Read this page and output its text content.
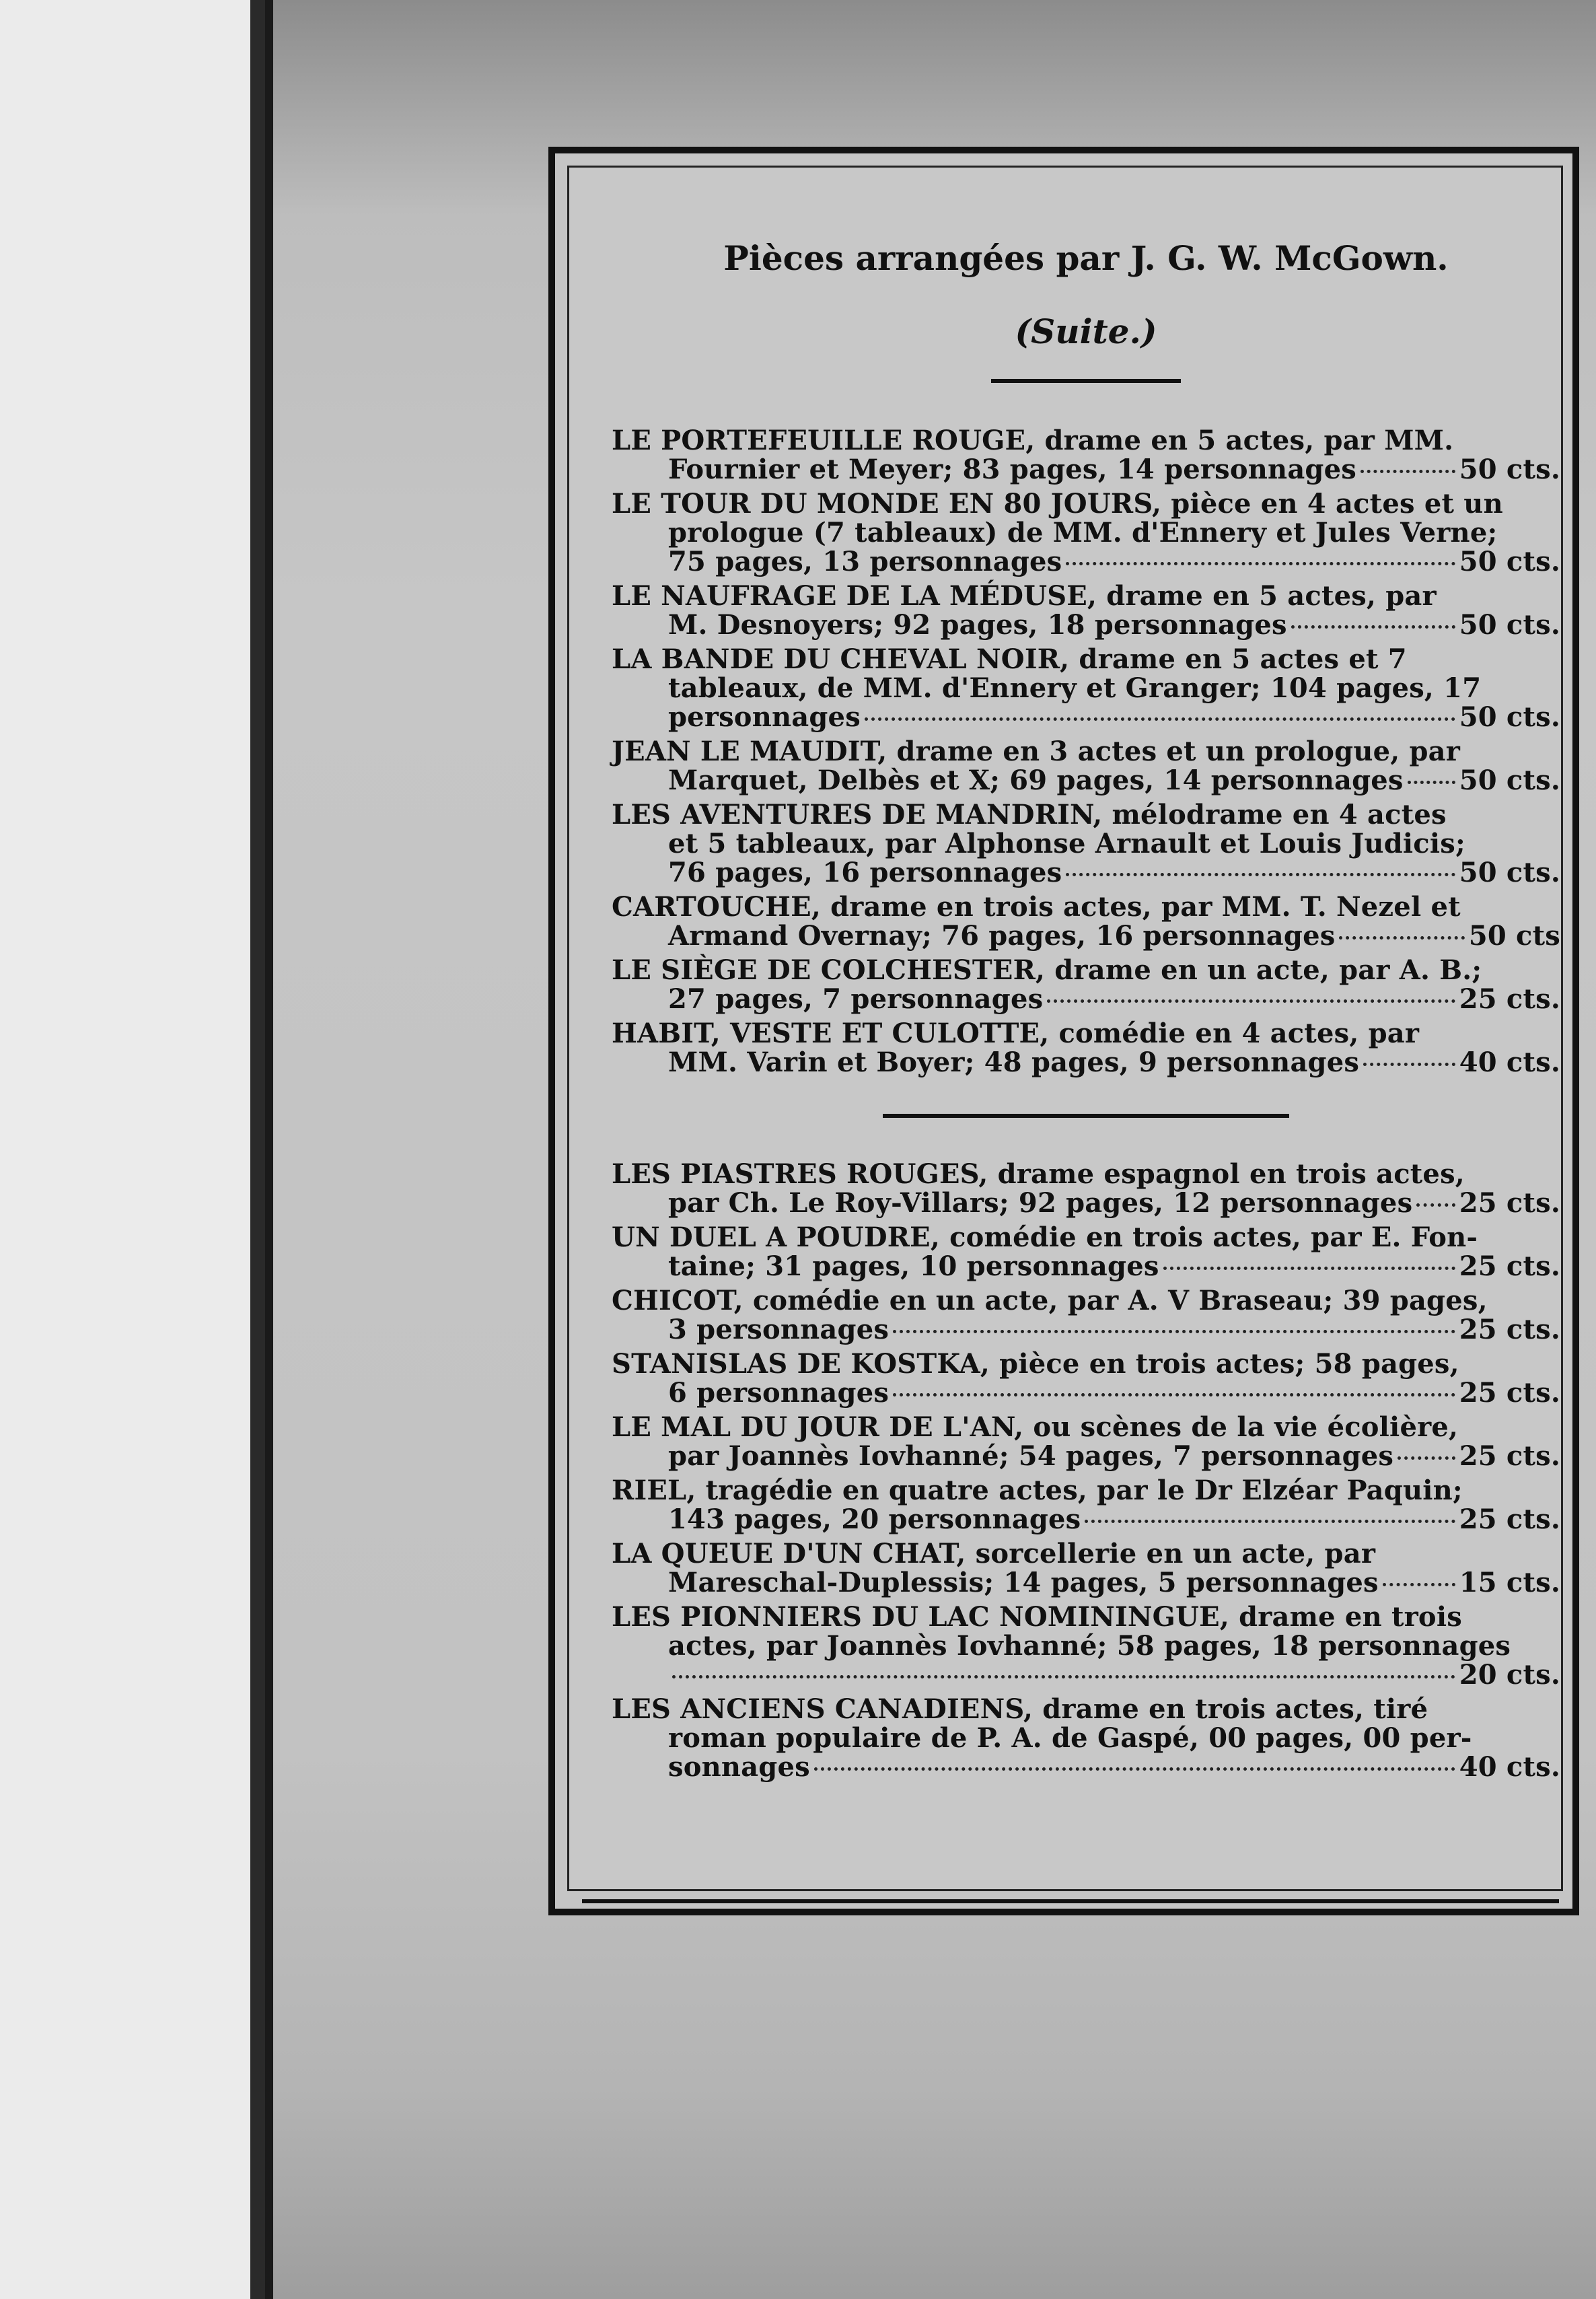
Pièces arrangées par J. G. W. McGown.
(Suite.)
LE PORTEFEUILLE ROUGE, drame en 5 actes, par MM.
Fournier et Meyer; 83 pages, 14 personnages	50 cts.
LE TOUR DU MONDE EN 80 JOURS, pièce en 4 actes et un
prologue (7 tableaux) de MM. d'Ennery et Jules Verne;
75 pages, 13 personnages	50 cts.
LE NAUFRAGE DE LA MÉDUSE, drame en 5 actes, par
M. Desnoyers; 92 pages, 18 personnages	50 cts.
LA BANDE DU CHEVAL NOIR, drame en 5 actes et 7
tableaux, de MM. d'Ennery et Granger; 104 pages, 17
personnages	50 cts.
JEAN LE MAUDIT, drame en 3 actes et un prologue, par
Marquet, Delbès et X; 69 pages, 14 personnages 50 cts.
LES AVENTURES DE MANDRIN, mélodrame en 4 actes
et 5 tableaux, par Alphonse Arnault et Louis Judicis;
76 pages, 16 personnages	50 cts.
CARTOUCHE, drame en trois actes, par MM. T. Nezel et
Armand Overnay; 76 pages, 16 personnages	50 cts
LE SIÈGE DE COLCHESTER, drame en un acte, par A. B.;
27 pages, 7 personnages	25 cts.
HABIT, VESTE ET CULOTTE, comédie en 4 actes, par
MM. Varin et Boyer; 48 pages, 9 personnages	40 cts.
LES PIASTRES ROUGES, drame espagnol en trois actes,
par Ch. Le Roy-Villars; 92 pages, 12 personnages 25 cts.
UN DUEL A POUDRE, comédie en trois actes, par E. Fon-
taine; 31 pages, 10 personnages	25 cts.
CHICOT, comédie en un acte, par A. V Braseau; 39 pages,
3 personnages	25 cts.
STANISLAS DE KOSTKA, pièce en trois actes; 58 pages,
6 personnages	25 cts.
LE MAL DU JOUR DE L'AN, ou scènes de la vie écolière,
par Joannès Iovhanné; 54 pages, 7 personnages 25 cts.
RIEL, tragédie en quatre actes, par le Dr Elzéar Paquin;
143 pages, 20 personnages	25 cts.
LA QUEUE D'UN CHAT, sorcellerie en un acte, par
Mareschal-Duplessis; 14 pages, 5 personnages	15 cts.
LES PIONNIERS DU LAC NOMININGUE, drame en trois
actes, par Joannès Iovhanné; 58 pages, 18 personnages
20 cts.
LES ANCIENS CANADIENS, drame en trois actes, tiré
roman populaire de P. A. de Gaspé, 00 pages, 00 per-
sonnages	40 cts.
